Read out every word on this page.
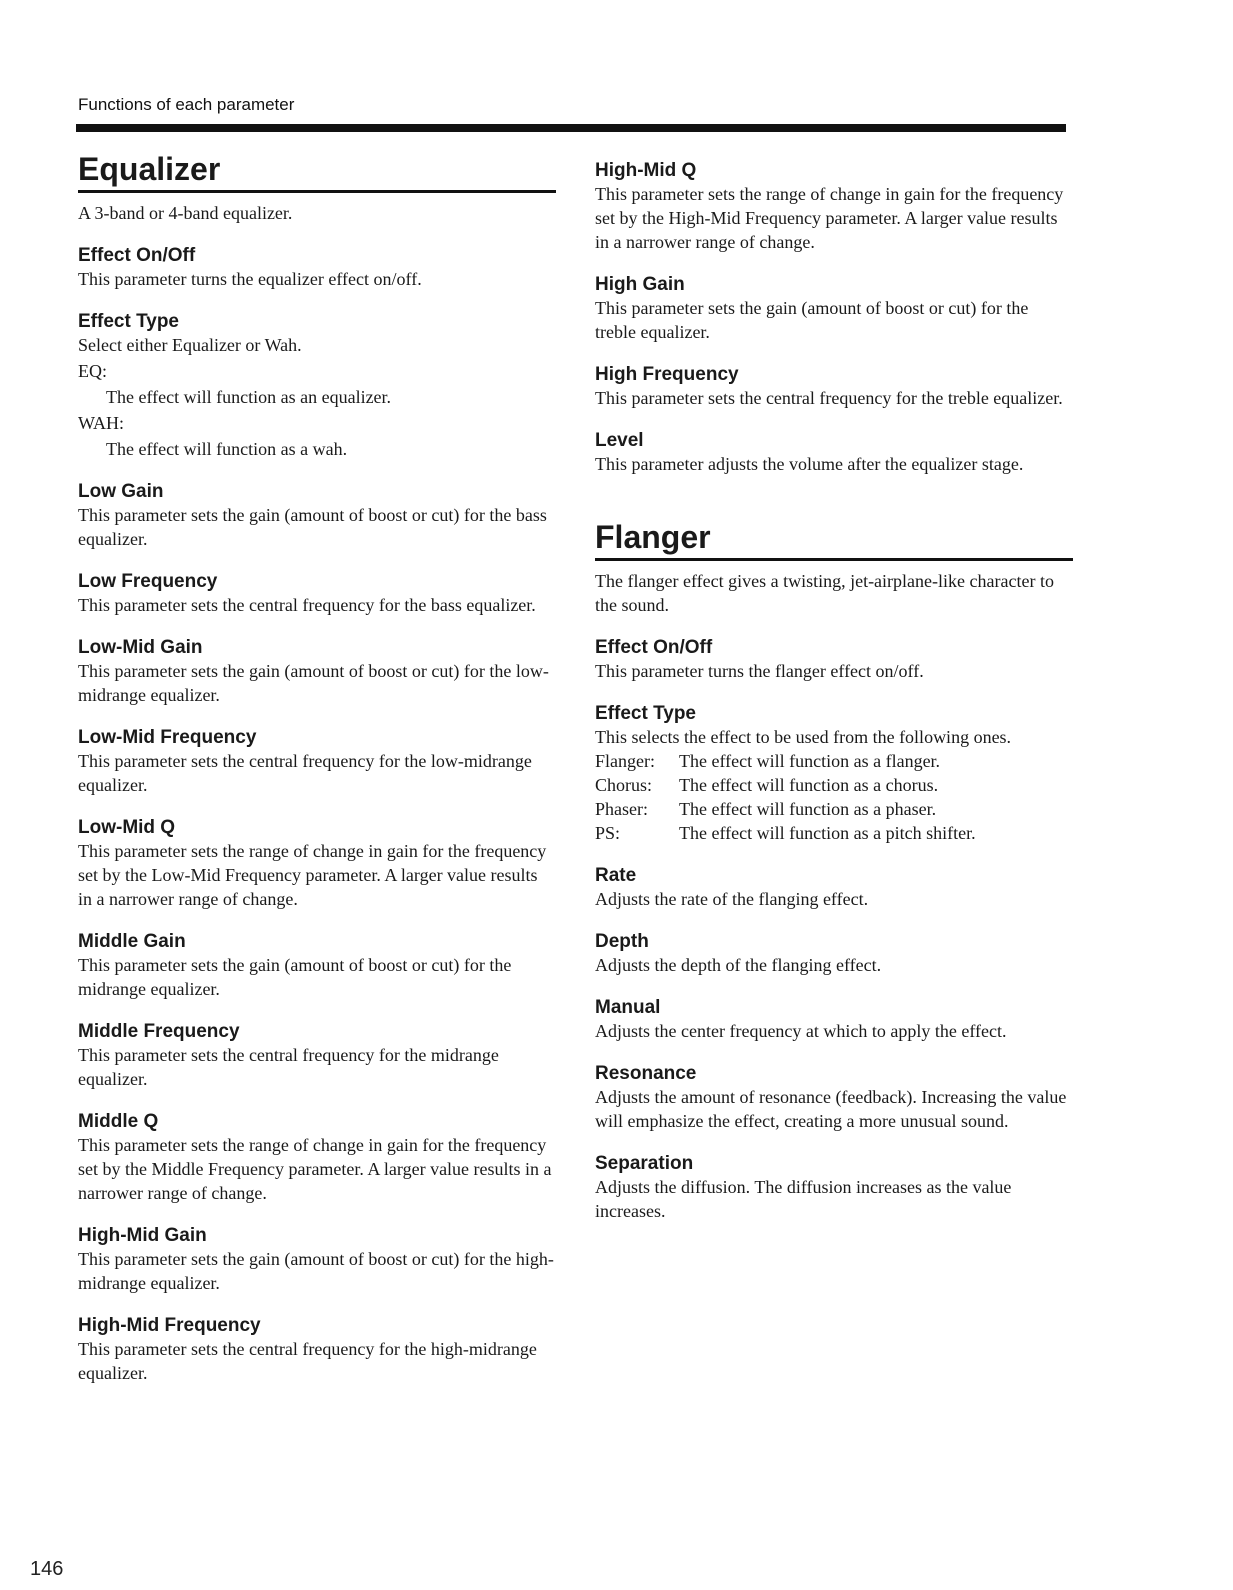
Functions of each parameter
Equalizer

A 3-band or 4-band equalizer.

Effect On/Off

This parameter turns the equalizer effect on/off.

Effect Type

Select either Equalizer or Wah.

EQ:

The effect will function as an equalizer.

WAH:

The effect will function as a wah.

Low Gain

This parameter sets the gain (amount of boost or cut) for the bass equalizer.

Low Frequency

This parameter sets the central frequency for the bass equalizer.

Low-Mid Gain

This parameter sets the gain (amount of boost or cut) for the low-midrange equalizer.

Low-Mid Frequency

This parameter sets the central frequency for the low-midrange equalizer.

Low-Mid Q

This parameter sets the range of change in gain for the frequency set by the Low-Mid Frequency parameter. A larger value results in a narrower range of change.

Middle Gain

This parameter sets the gain (amount of boost or cut) for the midrange equalizer.

Middle Frequency

This parameter sets the central frequency for the midrange equalizer.

Middle Q

This parameter sets the range of change in gain for the frequency set by the Middle Frequency parameter. A larger value results in a narrower range of change.

High-Mid Gain

This parameter sets the gain (amount of boost or cut) for the high-midrange equalizer.

High-Mid Frequency

This parameter sets the central frequency for the high-midrange equalizer.

High-Mid Q

This parameter sets the range of change in gain for the frequency set by the High-Mid Frequency parameter. A larger value results in a narrower range of change.

High Gain

This parameter sets the gain (amount of boost or cut) for the treble equalizer.

High Frequency

This parameter sets the central frequency for the treble equalizer.

Level

This parameter adjusts the volume after the equalizer stage.

Flanger

The flanger effect gives a twisting, jet-airplane-like character to the sound.

Effect On/Off

This parameter turns the flanger effect on/off.

Effect Type

This selects the effect to be used from the following ones.

Flanger:	The effect will function as a flanger.
Chorus:	The effect will function as a chorus.
Phaser:	The effect will function as a phaser.
PS:	The effect will function as a pitch shifter.
Rate

Adjusts the rate of the flanging effect.

Depth

Adjusts the depth of the flanging effect.

Manual

Adjusts the center frequency at which to apply the effect.

Resonance

Adjusts the amount of resonance (feedback). Increasing the value will emphasize the effect, creating a more unusual sound.

Separation

Adjusts the diffusion. The diffusion increases as the value increases.

146
